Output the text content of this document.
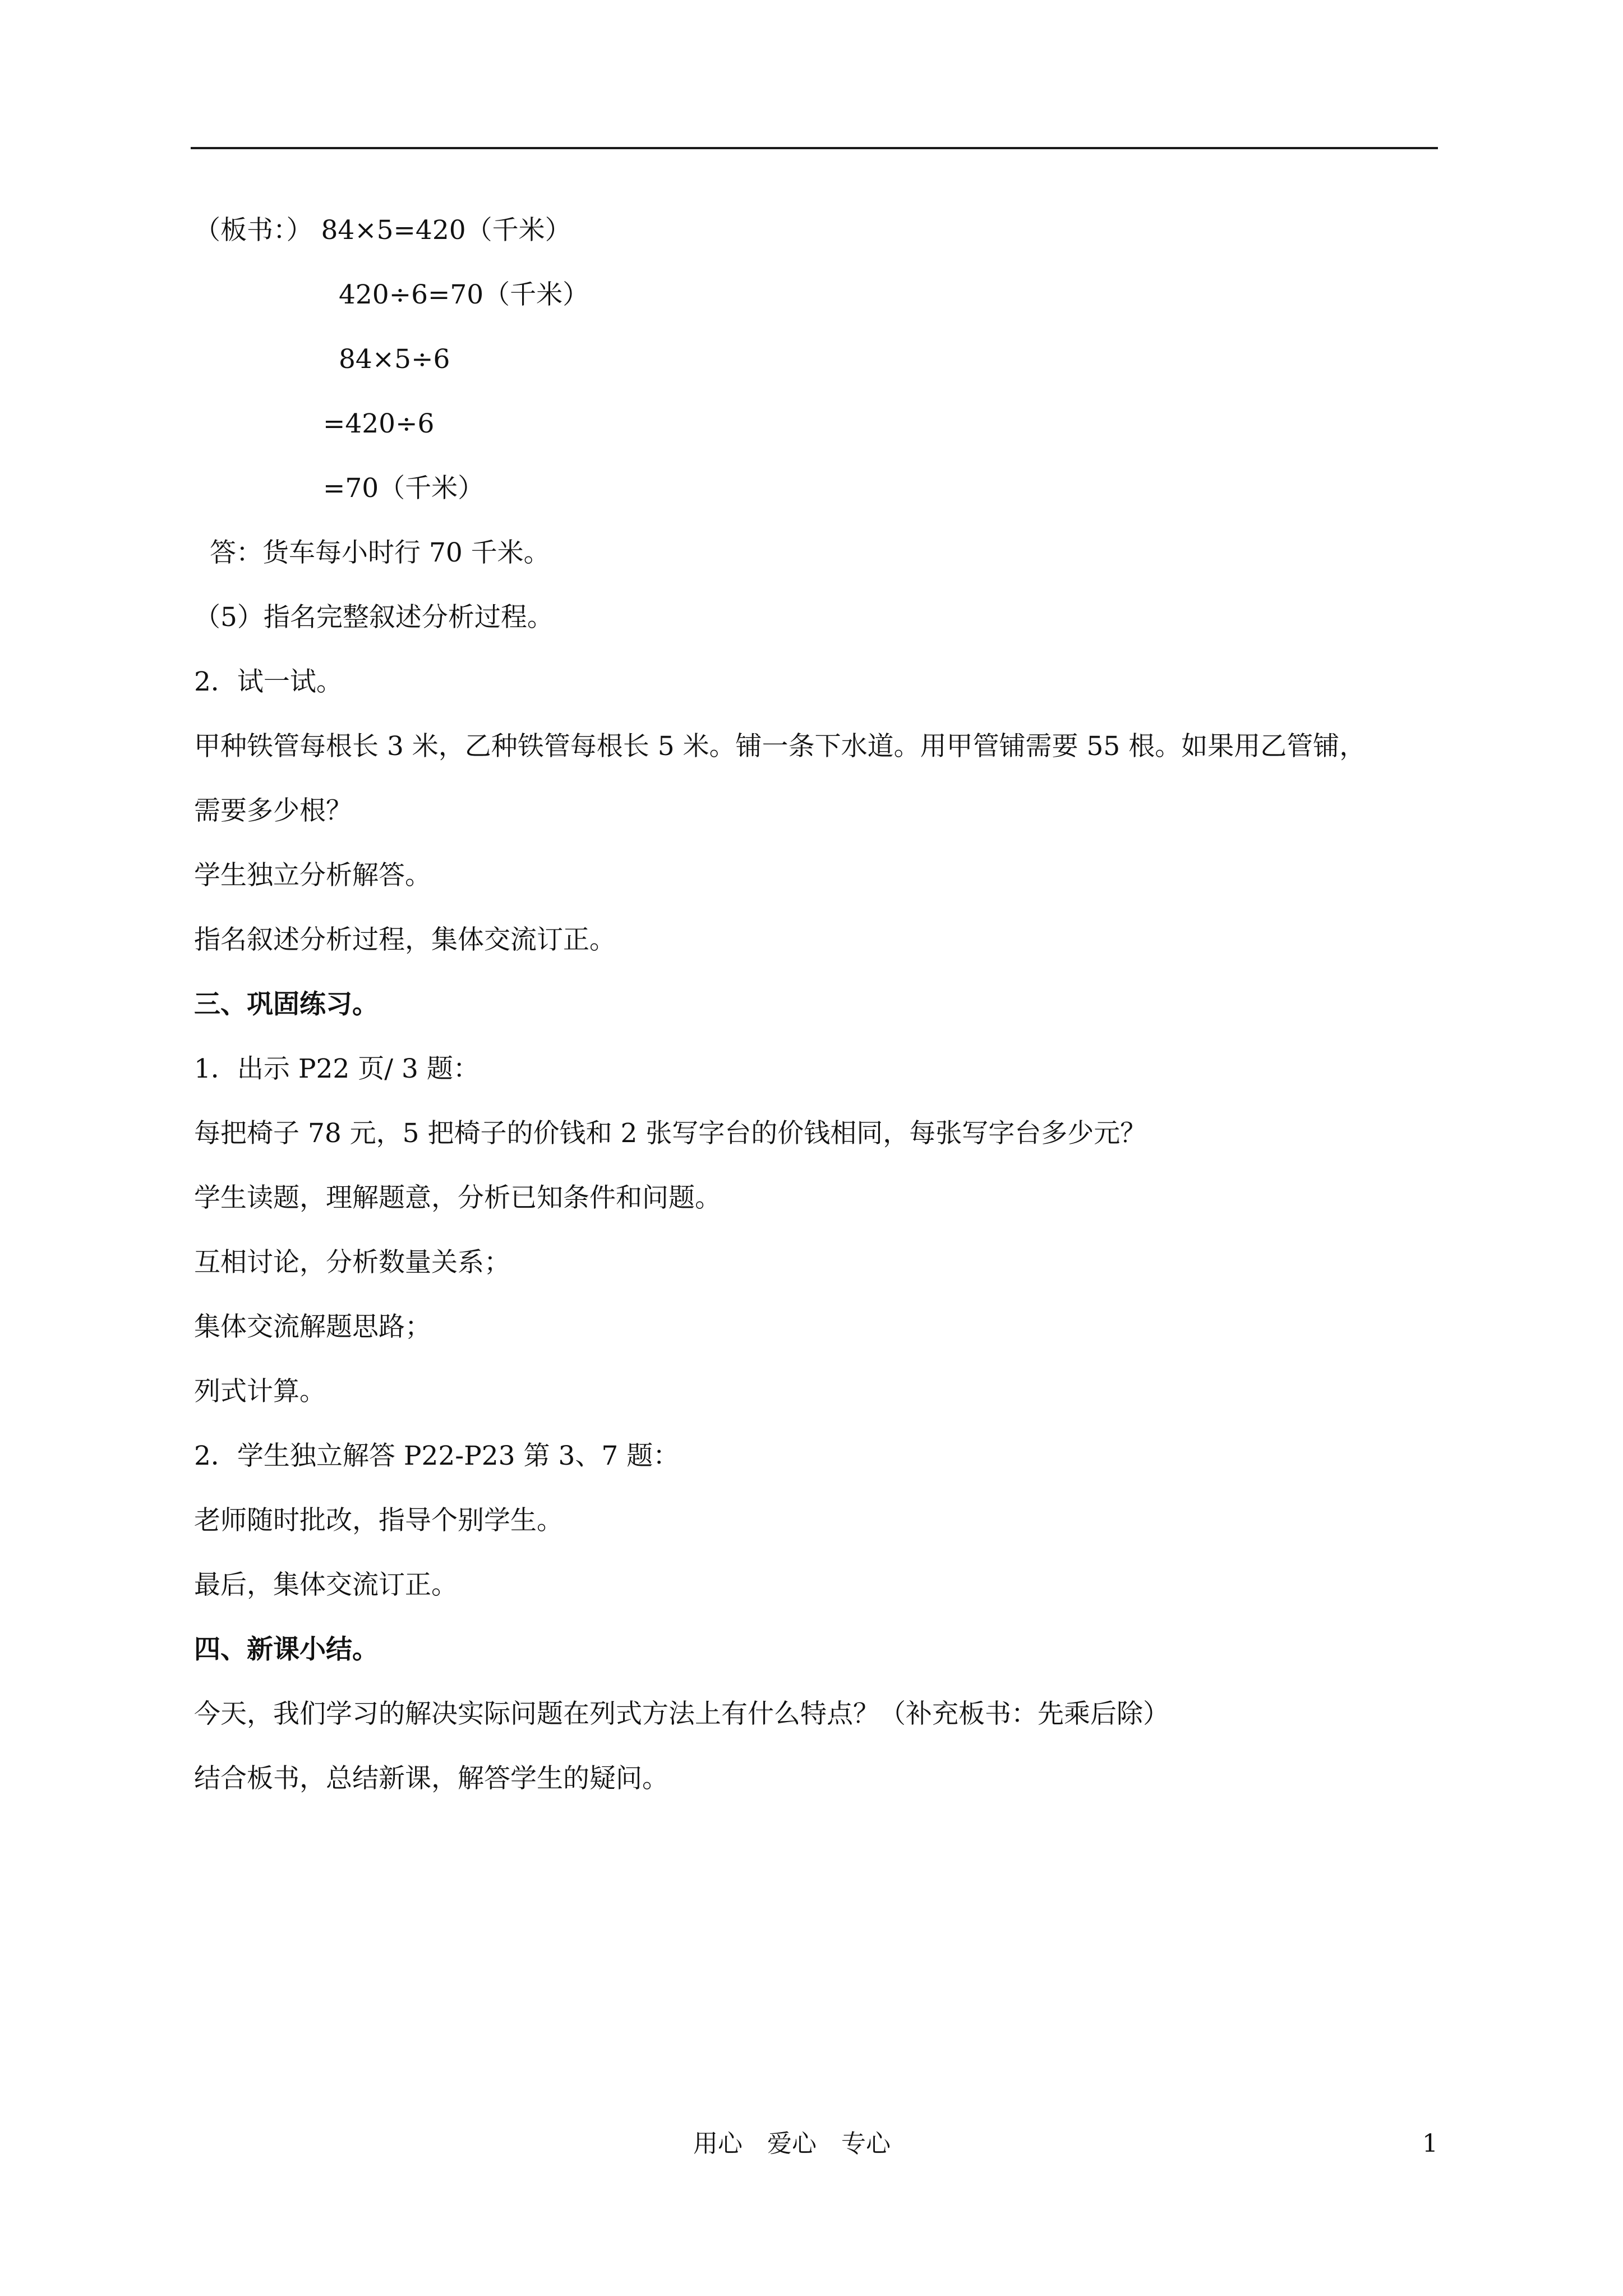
（板书：） 84×5=420（千米）
420÷6=70（千米）
84×5÷6
=420÷6
=70（千米）
答：货车每小时行 70 千米。
（5）指名完整叙述分析过程。
2．试一试。
甲种铁管每根长 3 米，乙种铁管每根长 5 米。铺一条下水道。用甲管铺需要 55 根。如果用乙管铺，
需要多少根？
学生独立分析解答。
指名叙述分析过程，集体交流订正。
三、巩固练习。
1．出示 P22 页/ 3 题：
每把椅子 78 元，5 把椅子的价钱和 2 张写字台的价钱相同，每张写字台多少元？
学生读题，理解题意，分析已知条件和问题。
互相讨论，分析数量关系；
集体交流解题思路；
列式计算。
2．学生独立解答 P22-P23 第 3、7 题：
老师随时批改，指导个别学生。
最后，集体交流订正。
四、新课小结。
今天，我们学习的解决实际问题在列式方法上有什么特点？（补充板书：先乘后除）
结合板书，总结新课，解答学生的疑问。
用心　爱心　专心	1
